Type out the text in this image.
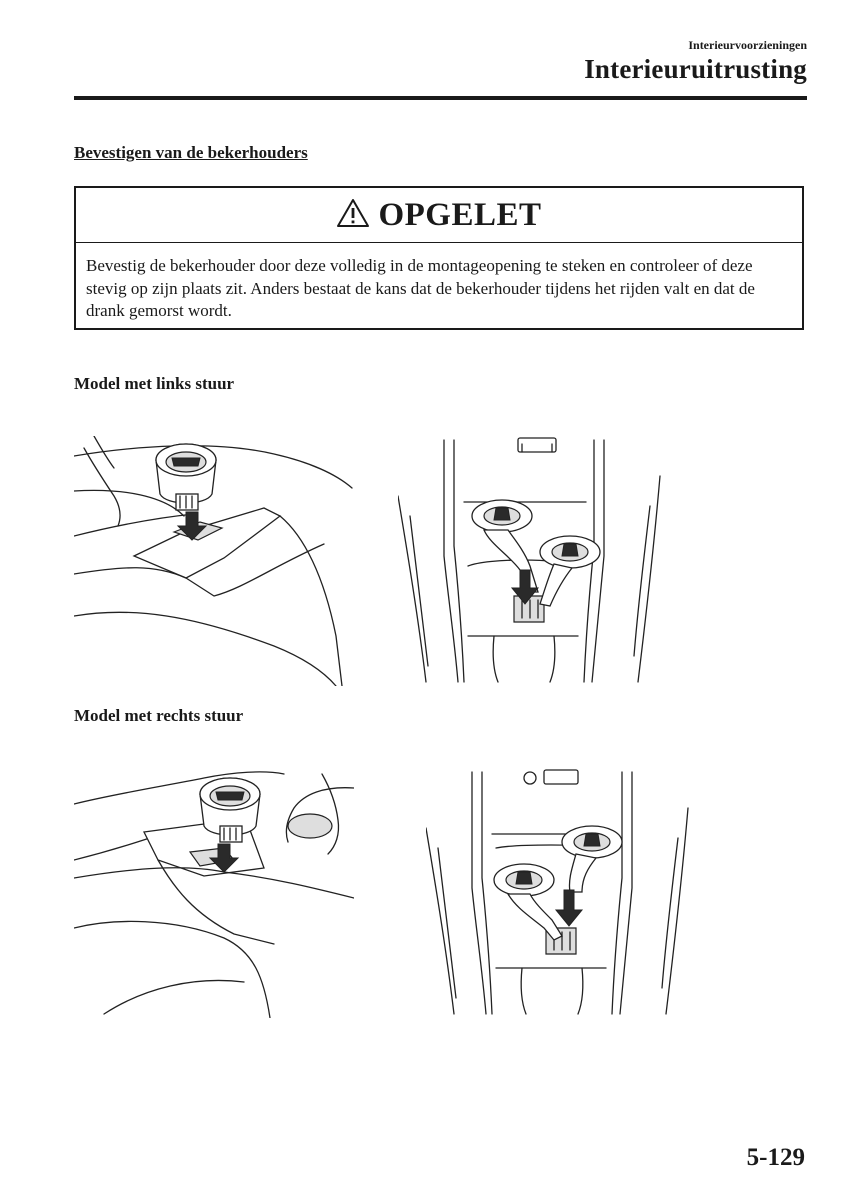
Interieurvoorzieningen
Interieuruitrusting
Bevestigen van de bekerhouders
OPGELET
Bevestig de bekerhouder door deze volledig in de montageopening te steken en controleer of deze stevig op zijn plaats zit. Anders bestaat de kans dat de bekerhouder tijdens het rijden valt en dat de drank gemorst wordt.
Model met links stuur
Model met rechts stuur
5-129
